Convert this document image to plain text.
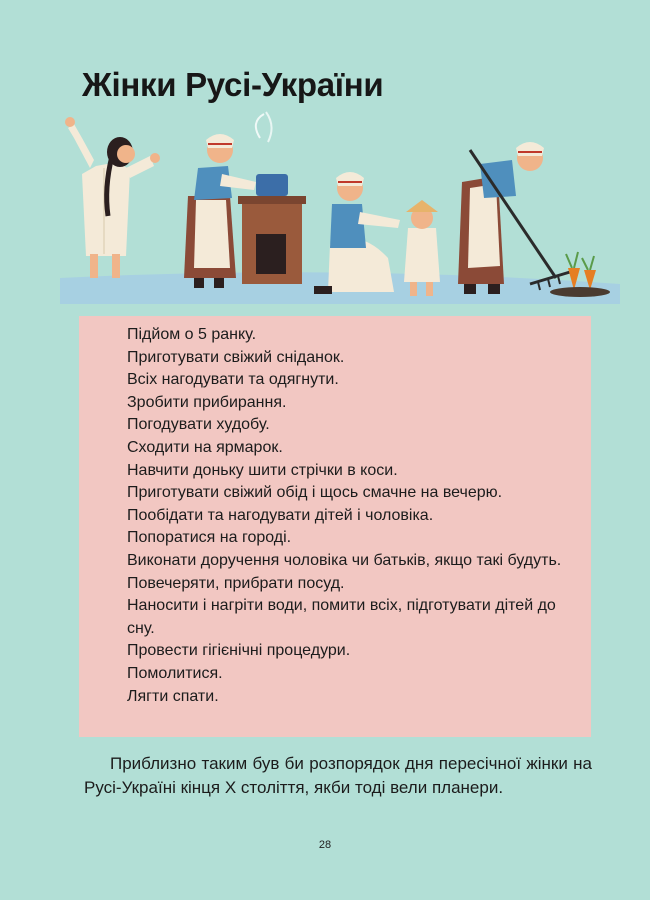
Жінки Русі-України
Підйом о 5 ранку.
Приготувати свіжий сніданок.
Всіх нагодувати та одягнути.
Зробити прибирання.
Погодувати худобу.
Сходити на ярмарок.
Навчити доньку шити стрічки в коси.
Приготувати свіжий обід і щось смачне на вечерю.
Пообідати та нагодувати дітей і чоловіка.
Попоратися на городі.
Виконати доручення чоловіка чи батьків, якщо такі будуть.
Повечеряти, прибрати посуд.
Наносити і нагріти води, помити всіх, підготувати дітей до сну.
Провести гігієнічні процедури.
Помолитися.
Лягти спати.

Приблизно таким був би розпорядок дня пересічної жінки на Русі-Україні кінця X століття, якби тоді вели планери.

28
